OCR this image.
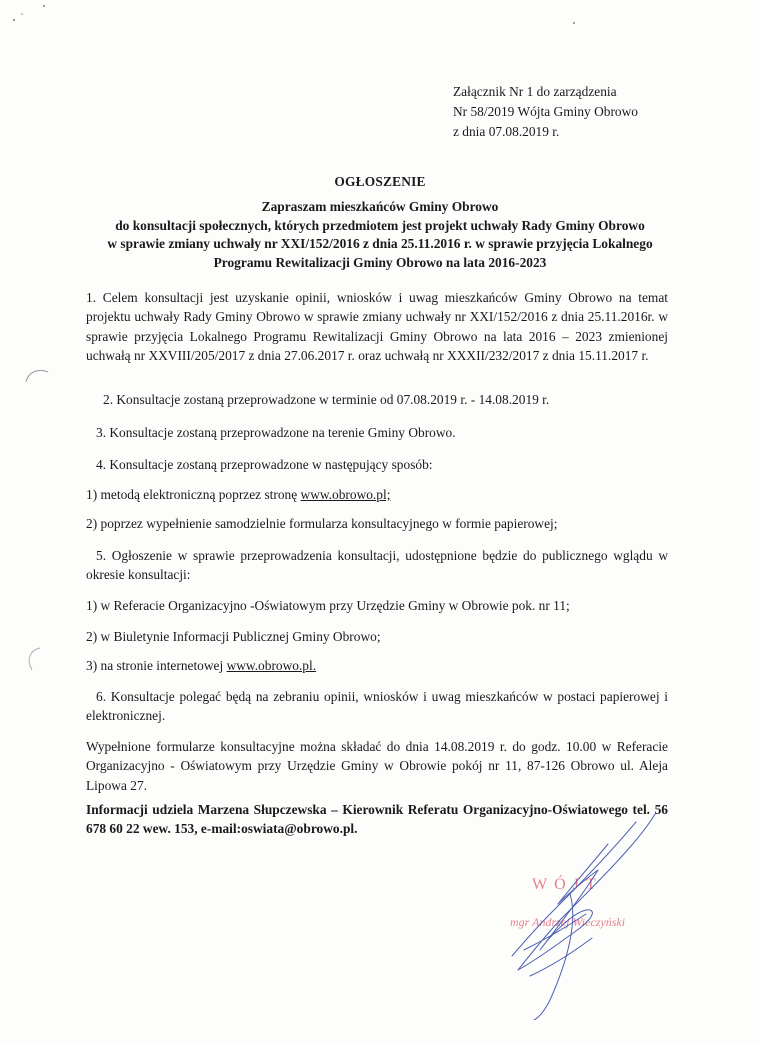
Załącznik Nr 1 do zarządzenia
Nr 58/2019 Wójta Gminy Obrowo
z dnia 07.08.2019 r.
OGŁOSZENIE
Zapraszam mieszkańców Gminy Obrowo
do konsultacji społecznych, których przedmiotem jest projekt uchwały Rady Gminy Obrowo
w sprawie zmiany uchwały nr XXI/152/2016 z dnia 25.11.2016 r. w sprawie przyjęcia Lokalnego
Programu Rewitalizacji Gminy Obrowo na lata 2016-2023
1. Celem konsultacji jest uzyskanie opinii, wniosków i uwag mieszkańców Gminy Obrowo na temat projektu uchwały Rady Gminy Obrowo w sprawie zmiany uchwały nr XXI/152/2016 z dnia 25.11.2016r. w sprawie przyjęcia Lokalnego Programu Rewitalizacji Gminy Obrowo na lata 2016 – 2023 zmienionej uchwałą nr XXVIII/205/2017 z dnia 27.06.2017 r. oraz uchwałą nr XXXII/232/2017 z dnia 15.11.2017 r.
2. Konsultacje zostaną przeprowadzone w terminie od 07.08.2019 r. - 14.08.2019 r.
3. Konsultacje zostaną przeprowadzone na terenie Gminy Obrowo.
4. Konsultacje zostaną przeprowadzone w następujący sposób:
1) metodą elektroniczną poprzez stronę www.obrowo.pl;
2) poprzez wypełnienie samodzielnie formularza konsultacyjnego w formie papierowej;
5. Ogłoszenie w sprawie przeprowadzenia konsultacji, udostępnione będzie do publicznego wglądu w okresie konsultacji:
1) w Referacie Organizacyjno -Oświatowym przy Urzędzie Gminy w Obrowie pok. nr 11;
2) w Biuletynie Informacji Publicznej Gminy Obrowo;
3) na stronie internetowej www.obrowo.pl.
6. Konsultacje polegać będą na zebraniu opinii, wniosków i uwag mieszkańców w postaci papierowej i elektronicznej.
Wypełnione formularze konsultacyjne można składać do dnia 14.08.2019 r. do godz. 10.00 w Referacie Organizacyjno - Oświatowym przy Urzędzie Gminy w Obrowie pokój nr 11, 87-126 Obrowo ul. Aleja Lipowa 27.
Informacji udziela Marzena Słupczewska – Kierownik Referatu Organizacyjno-Oświatowego tel. 56 678 60 22 wew. 153, e-mail:oswiata@obrowo.pl.
WÓJT
mgr Andrzej Wieczyński
